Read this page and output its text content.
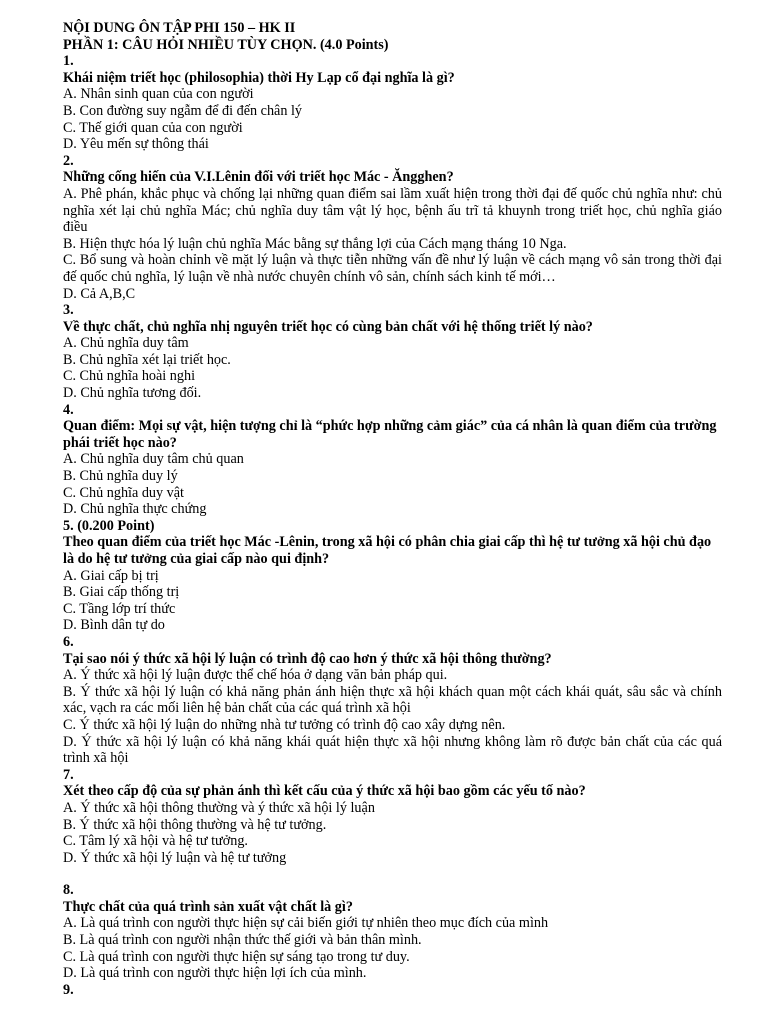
NỘI DUNG ÔN TẬP PHI 150 – HK II
PHẦN 1: CÂU HỎI NHIỀU TÙY CHỌN. (4.0 Points)
1.
Khái niệm triết học (philosophia) thời Hy Lạp cổ đại nghĩa là gì?
A. Nhân sinh quan của con người
B. Con đường suy ngẫm để đi đến chân lý
C. Thế giới quan của con người
D. Yêu mến sự thông thái
2.
Những cống hiến của V.I.Lênin đối với triết học Mác - Ăngghen?
A. Phê phán, khắc phục và chống lại những quan điểm sai lầm xuất hiện trong thời đại đế quốc chủ nghĩa như: chủ nghĩa xét lại chủ nghĩa Mác; chủ nghĩa duy tâm vật lý học, bệnh ấu trĩ tả khuynh trong triết học, chủ nghĩa giáo điều
B. Hiện thực hóa lý luận chủ nghĩa Mác bằng sự thắng lợi của Cách mạng tháng 10 Nga.
C. Bổ sung và hoàn chỉnh về mặt lý luận và thực tiễn những vấn đề như lý luận về cách mạng vô sản trong thời đại đế quốc chủ nghĩa, lý luận về nhà nước chuyên chính vô sản, chính sách kinh tế mới…
D. Cả A,B,C
3.
Về thực chất, chủ nghĩa nhị nguyên triết học có cùng bản chất với hệ thống triết lý nào?
A. Chủ nghĩa duy tâm
B. Chủ nghĩa xét lại triết học.
C. Chủ nghĩa hoài nghi
D. Chủ nghĩa tương đối.
4.
Quan điểm: Mọi sự vật, hiện tượng chỉ là “phức hợp những cảm giác” của cá nhân là quan điểm của trường phái triết học nào?
A. Chủ nghĩa duy tâm chủ quan
B. Chủ nghĩa duy lý
C. Chủ nghĩa duy vật
D. Chủ nghĩa thực chứng
5. (0.200 Point)
Theo quan điểm của triết học Mác -Lênin, trong xã hội có phân chia giai cấp thì hệ tư tưởng xã hội chủ đạo là do hệ tư tưởng của giai cấp nào qui định?
A. Giai cấp bị trị
B. Giai cấp thống trị
C. Tầng lớp trí thức
D. Bình dân tự do
6.
Tại sao nói ý thức xã hội lý luận có trình độ cao hơn ý thức xã hội thông thường?
A. Ý thức xã hội lý luận được thể chế hóa ở dạng văn bản pháp qui.
B. Ý thức xã hội lý luận có khả năng phản ánh hiện thực xã hội khách quan một cách khái quát, sâu sắc và chính xác, vạch ra các mối liên hệ bản chất của các quá trình xã hội
C. Ý thức xã hội lý luận do những nhà tư tưởng có trình độ cao xây dựng nên.
D. Ý thức xã hội lý luận có khả năng khái quát hiện thực xã hội nhưng không làm rõ được bản chất của các quá trình xã hội
7.
Xét theo cấp độ của sự phản ánh thì kết cấu của ý thức xã hội bao gồm các yếu tố nào?
A. Ý thức xã hội thông thường và ý thức xã hội lý luận
B. Ý thức xã hội thông thường và hệ tư tưởng.
C. Tâm lý xã hội và hệ tư tưởng.
D. Ý thức xã hội lý luận và hệ tư tưởng
8.
Thực chất của quá trình sản xuất vật chất là gì?
A. Là quá trình con người thực hiện sự cải biến giới tự nhiên theo mục đích của mình
B. Là quá trình con người nhận thức thế giới và bản thân mình.
C. Là quá trình con người thực hiện sự sáng tạo trong tư duy.
D. Là quá trình con người thực hiện lợi ích của mình.
9.
